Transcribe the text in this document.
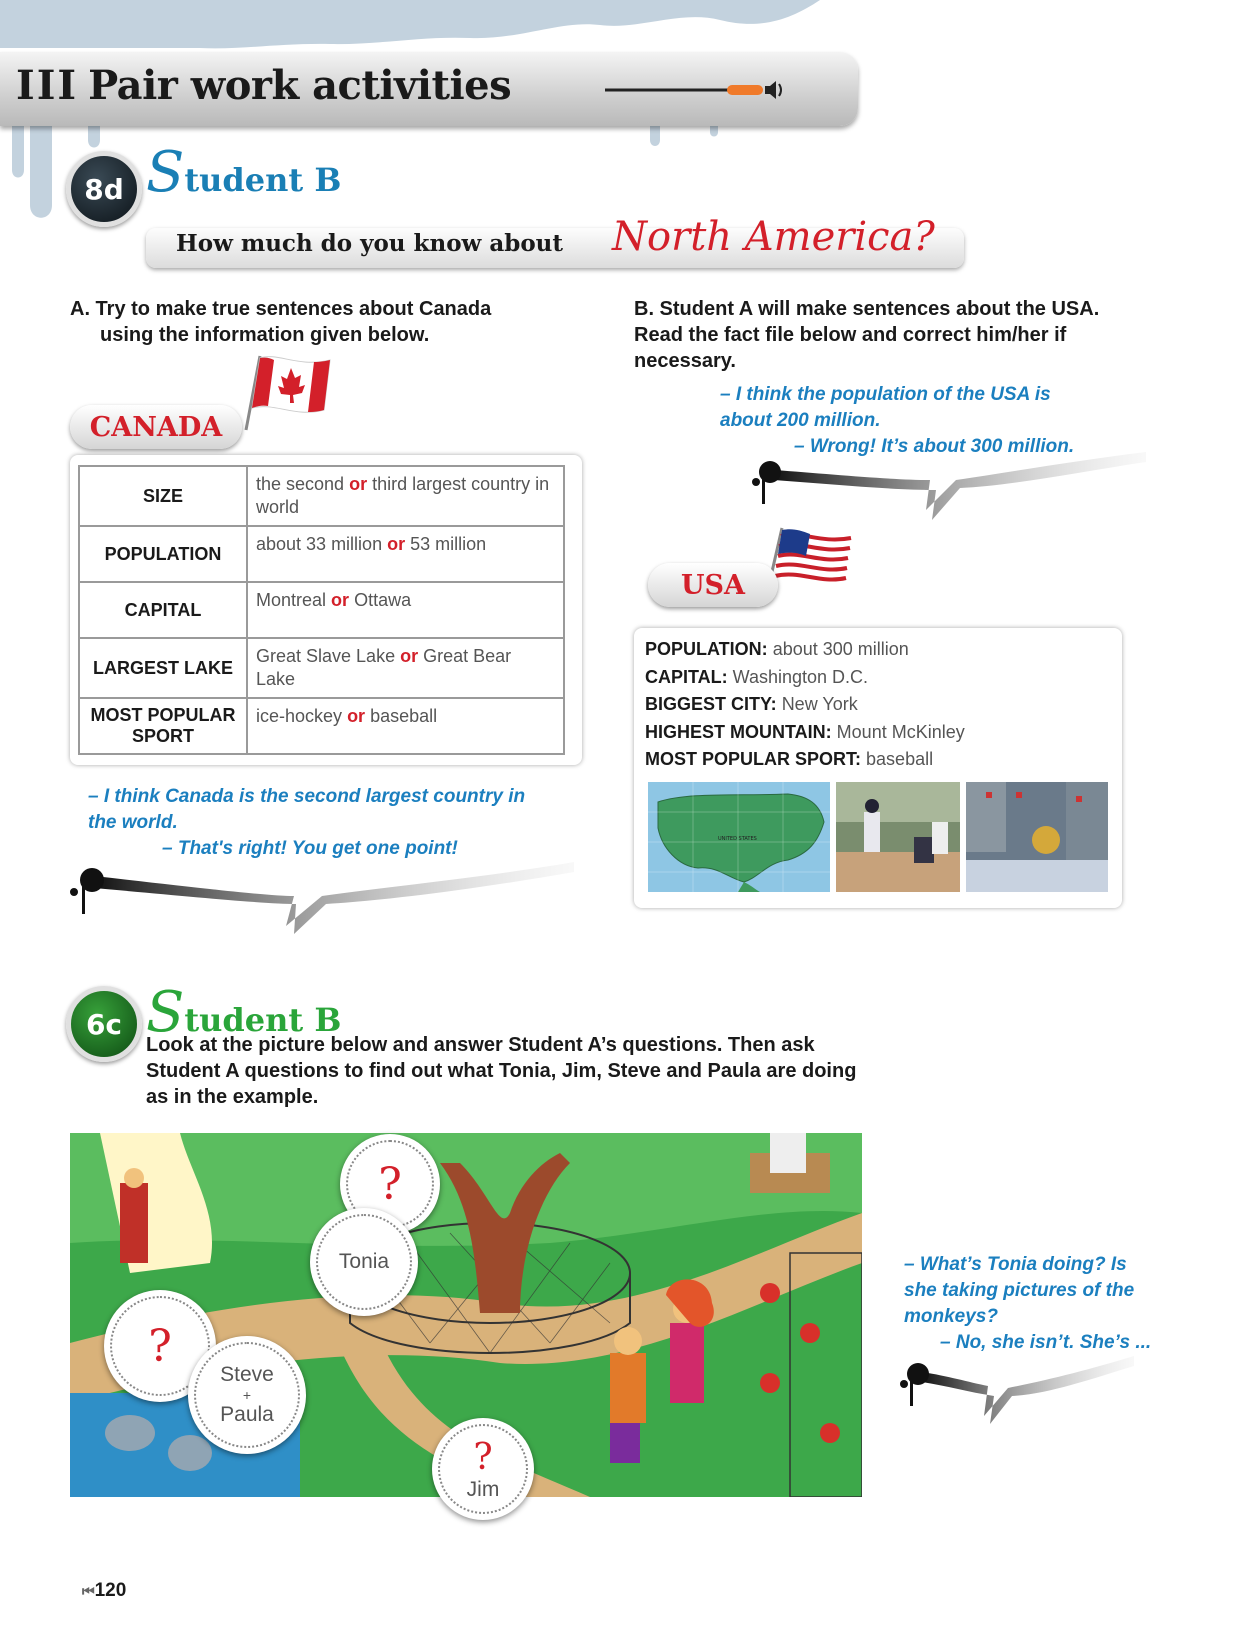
III Pair work activities
8d Student B
How much do you know about North America?
A. Try to make true sentences about Canada
using the information given below.
B. Student A will make sentences about the USA. Read the fact file below and correct him/her if necessary.
CANADA
SIZE	the second or third largest country in world
POPULATION	about 33 million or 53 million
CAPITAL	Montreal or Ottawa
LARGEST LAKE	Great Slave Lake or Great Bear Lake
MOST POPULAR SPORT	ice-hockey or baseball
– I think Canada is the second largest country in the world.
– That's right! You get one point!
– I think the population of the USA is about 200 million.
– Wrong! It’s about 300 million.
USA
POPULATION: about 300 million
CAPITAL: Washington D.C.
BIGGEST CITY: New York
HIGHEST MOUNTAIN: Mount McKinley
MOST POPULAR SPORT: baseball
UNITED STATES
6c Student B
Look at the picture below and answer Student A’s questions. Then ask Student A questions to find out what Tonia, Jim, Steve and Paula are doing as in the example.
?
Tonia
?
Steve
+
Paula
?
Jim
– What’s Tonia doing? Is she taking pictures of the monkeys?
– No, she isn’t. She’s ...
⏮120
